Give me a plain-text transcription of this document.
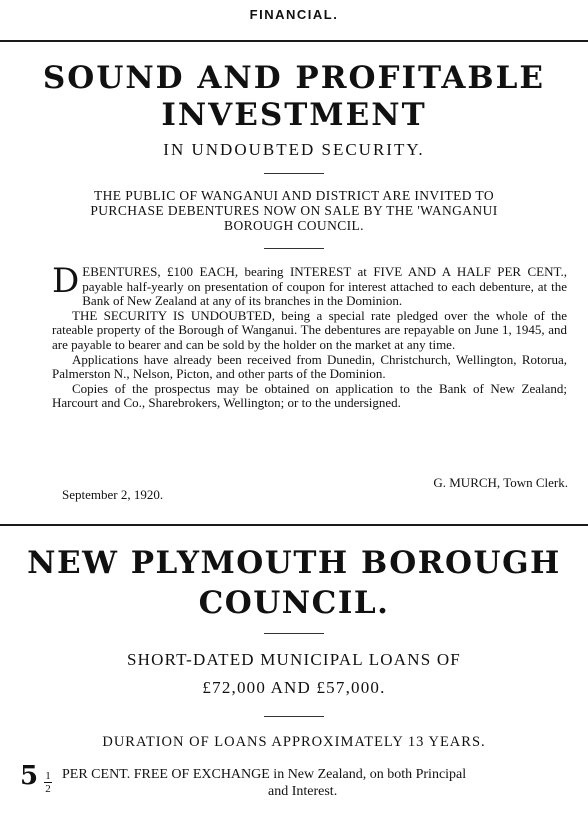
FINANCIAL.
SOUND AND PROFITABLE
INVESTMENT
IN UNDOUBTED SECURITY.
THE PUBLIC OF WANGANUI AND DISTRICT ARE INVITED TO
PURCHASE DEBENTURES NOW ON SALE BY THE 'WANGANUI
BOROUGH COUNCIL.

DEBENTURES, £100 EACH, bearing INTEREST at FIVE AND A HALF PER CENT., payable half-yearly on presentation of coupon for interest attached to each debenture, at the Bank of New Zealand at any of its branches in the Dominion.

THE SECURITY IS UNDOUBTED, being a special rate pledged over the whole of the rateable property of the Borough of Wanganui. The debentures are repayable on June 1, 1945, and are payable to bearer and can be sold by the holder on the market at any time.

Applications have already been received from Dunedin, Christchurch, Wellington, Rotorua, Palmerston N., Nelson, Picton, and other parts of the Dominion.

Copies of the prospectus may be obtained on application to the Bank of New Zealand; Harcourt and Co., Sharebrokers, Wellington; or to the undersigned.

G. MURCH, Town Clerk.
September 2, 1920.
NEW PLYMOUTH BOROUGH
COUNCIL.
SHORT-DATED MUNICIPAL LOANS OF
£72,000 AND £57,000.
DURATION OF LOANS APPROXIMATELY 13 YEARS.
5 1
2
PER CENT. FREE OF EXCHANGE in New Zealand, on both Principal
and Interest.
